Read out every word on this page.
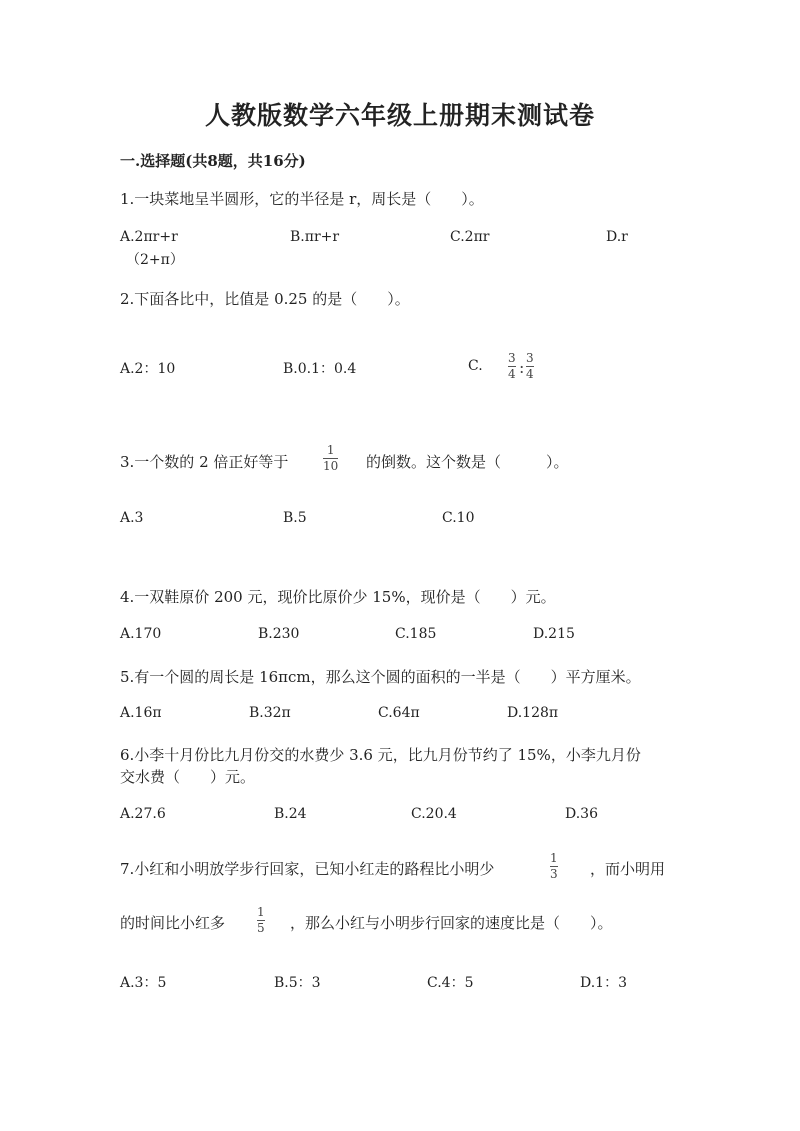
人教版数学六年级上册期末测试卷
一.选择题(共8题，共16分)
1.一块菜地呈半圆形，它的半径是 r，周长是（　　）。
A.2πr+r	B.πr+r	C.2πr	D.r
（2+π）
2.下面各比中，比值是 0.25 的是（　　）。
A.2：10	B.0.1：0.4	C. 3
4 : 3
4
3.一个数的 2 倍正好等于
1
10 的倒数。这个数是（　　　）。
A.3	B.5	C.10
4.一双鞋原价 200 元，现价比原价少 15%，现价是（　　）元。
A.170	B.230	C.185	D.215
5.有一个圆的周长是 16πcm，那么这个圆的面积的一半是（　　）平方厘米。
A.16π	B.32π	C.64π	D.128π
6.小李十月份比九月份交的水费少 3.6 元，比九月份节约了 15%，小李九月份
交水费（　　）元。
A.27.6	B.24	C.20.4	D.36
7.小红和小明放学步行回家，已知小红走的路程比小明少
1
3 ，而小明用
的时间比小红多
1
5 ，那么小红与小明步行回家的速度比是（　　）。
A.3：5	B.5：3	C.4：5	D.1：3
